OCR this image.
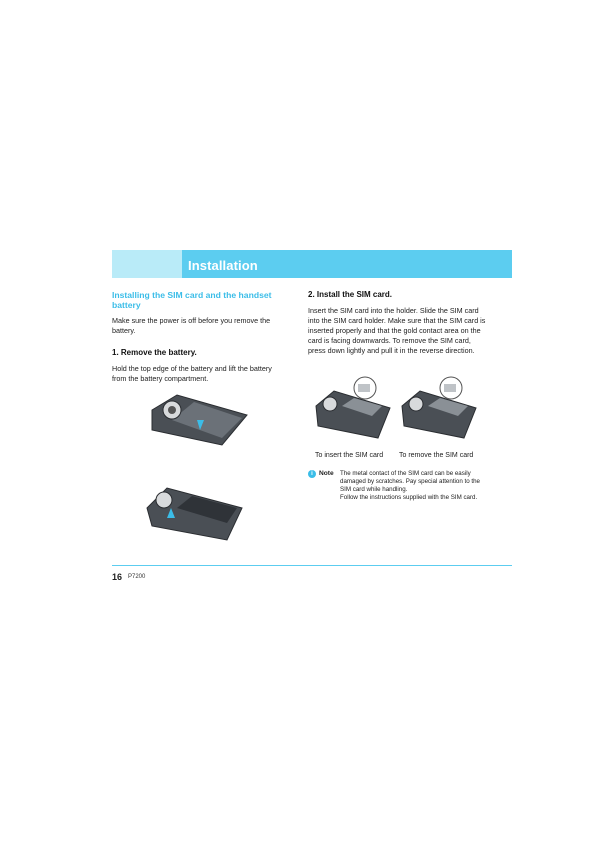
Installation
Installing the SIM card and the handset battery
Make sure the power is off before you remove the battery.
1. Remove the battery.
Hold the top edge of the battery and lift the battery from the battery compartment.
2. Install the SIM card.
Insert the SIM card into the holder. Slide the SIM card into the SIM card holder. Make sure that the SIM card is inserted properly and that the gold contact area on the card is facing downwards. To remove the SIM card, press down lightly and pull it in the reverse direction.
To insert the SIM card To remove the SIM card
i Note The metal contact of the SIM card can be easily damaged by scratches. Pay special attention to the SIM card while handling.
Follow the instructions supplied with the SIM card.
16 P7200
